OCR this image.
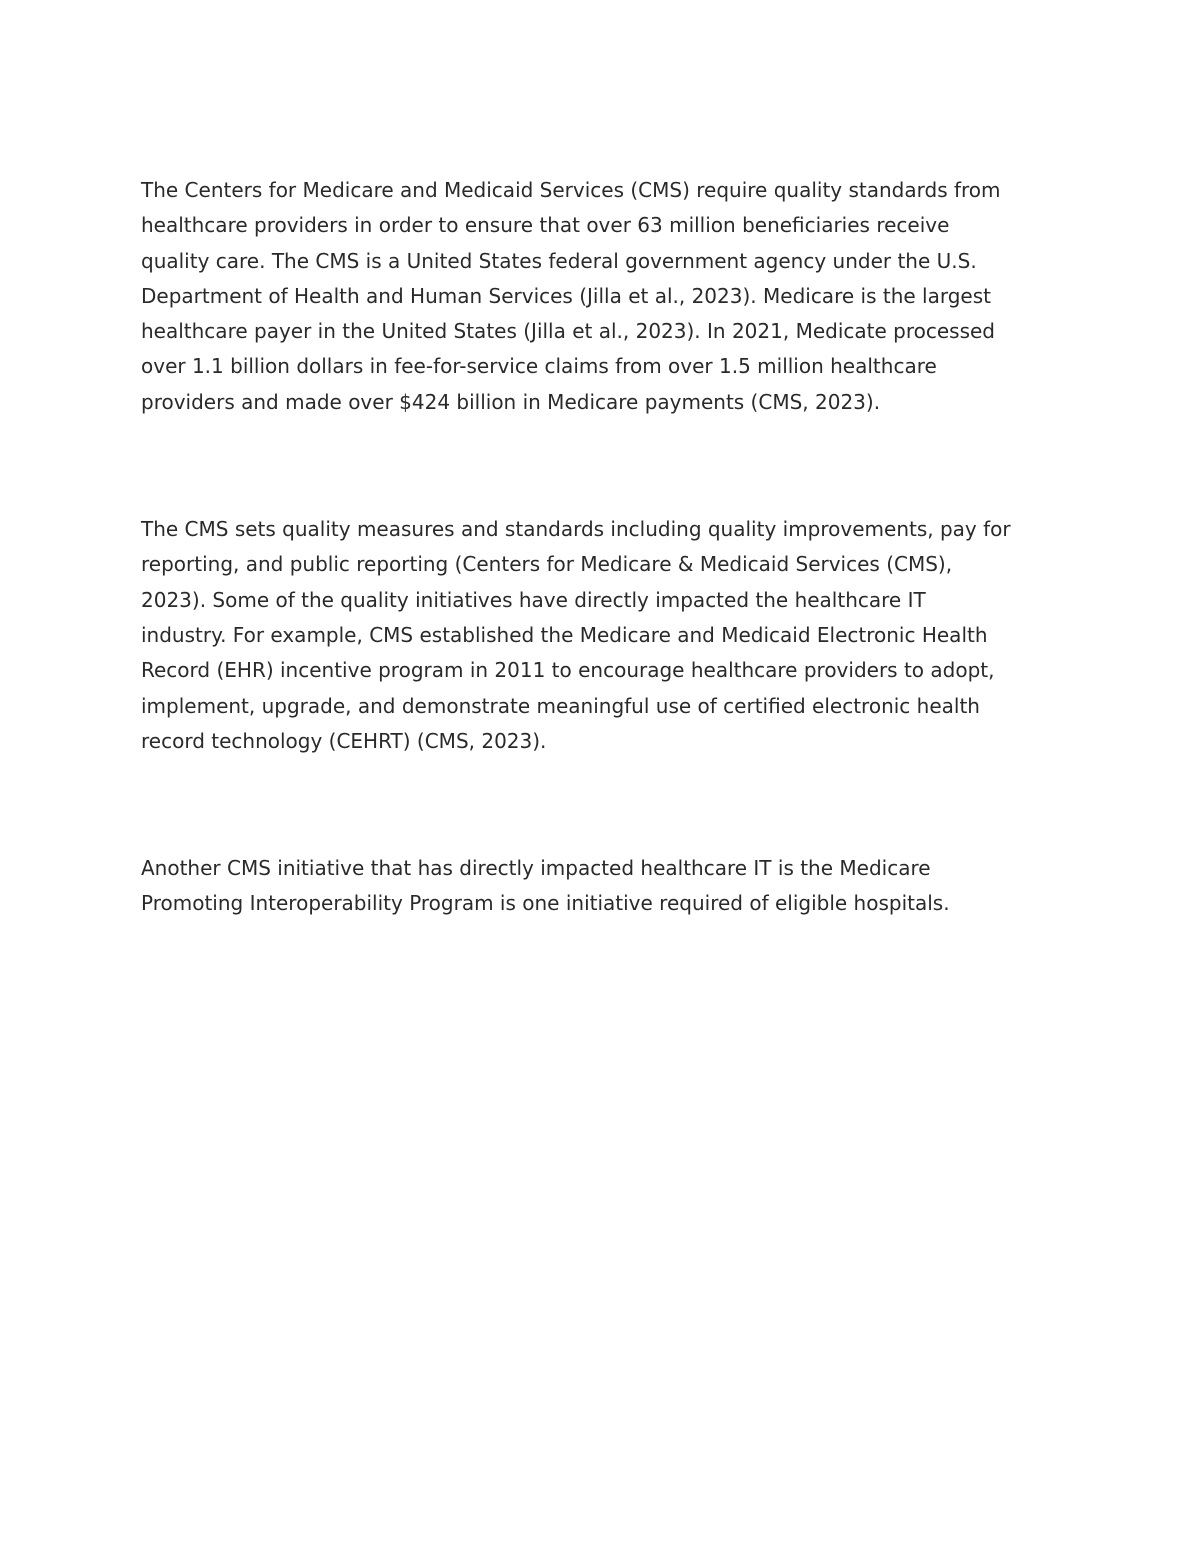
The Centers for Medicare and Medicaid Services (CMS) require quality standards from
healthcare providers in order to ensure that over 63 million beneficiaries receive
quality care. The CMS is a United States federal government agency under the U.S.
Department of Health and Human Services (Jilla et al., 2023). Medicare is the largest
healthcare payer in the United States (Jilla et al., 2023). In 2021, Medicate processed
over 1.1 billion dollars in fee-for-service claims from over 1.5 million healthcare
providers and made over $424 billion in Medicare payments (CMS, 2023).

The CMS sets quality measures and standards including quality improvements, pay for
reporting, and public reporting (Centers for Medicare & Medicaid Services (CMS),
2023). Some of the quality initiatives have directly impacted the healthcare IT
industry. For example, CMS established the Medicare and Medicaid Electronic Health
Record (EHR) incentive program in 2011 to encourage healthcare providers to adopt,
implement, upgrade, and demonstrate meaningful use of certified electronic health
record technology (CEHRT) (CMS, 2023).

Another CMS initiative that has directly impacted healthcare IT is the Medicare
Promoting Interoperability Program is one initiative required of eligible hospitals.
